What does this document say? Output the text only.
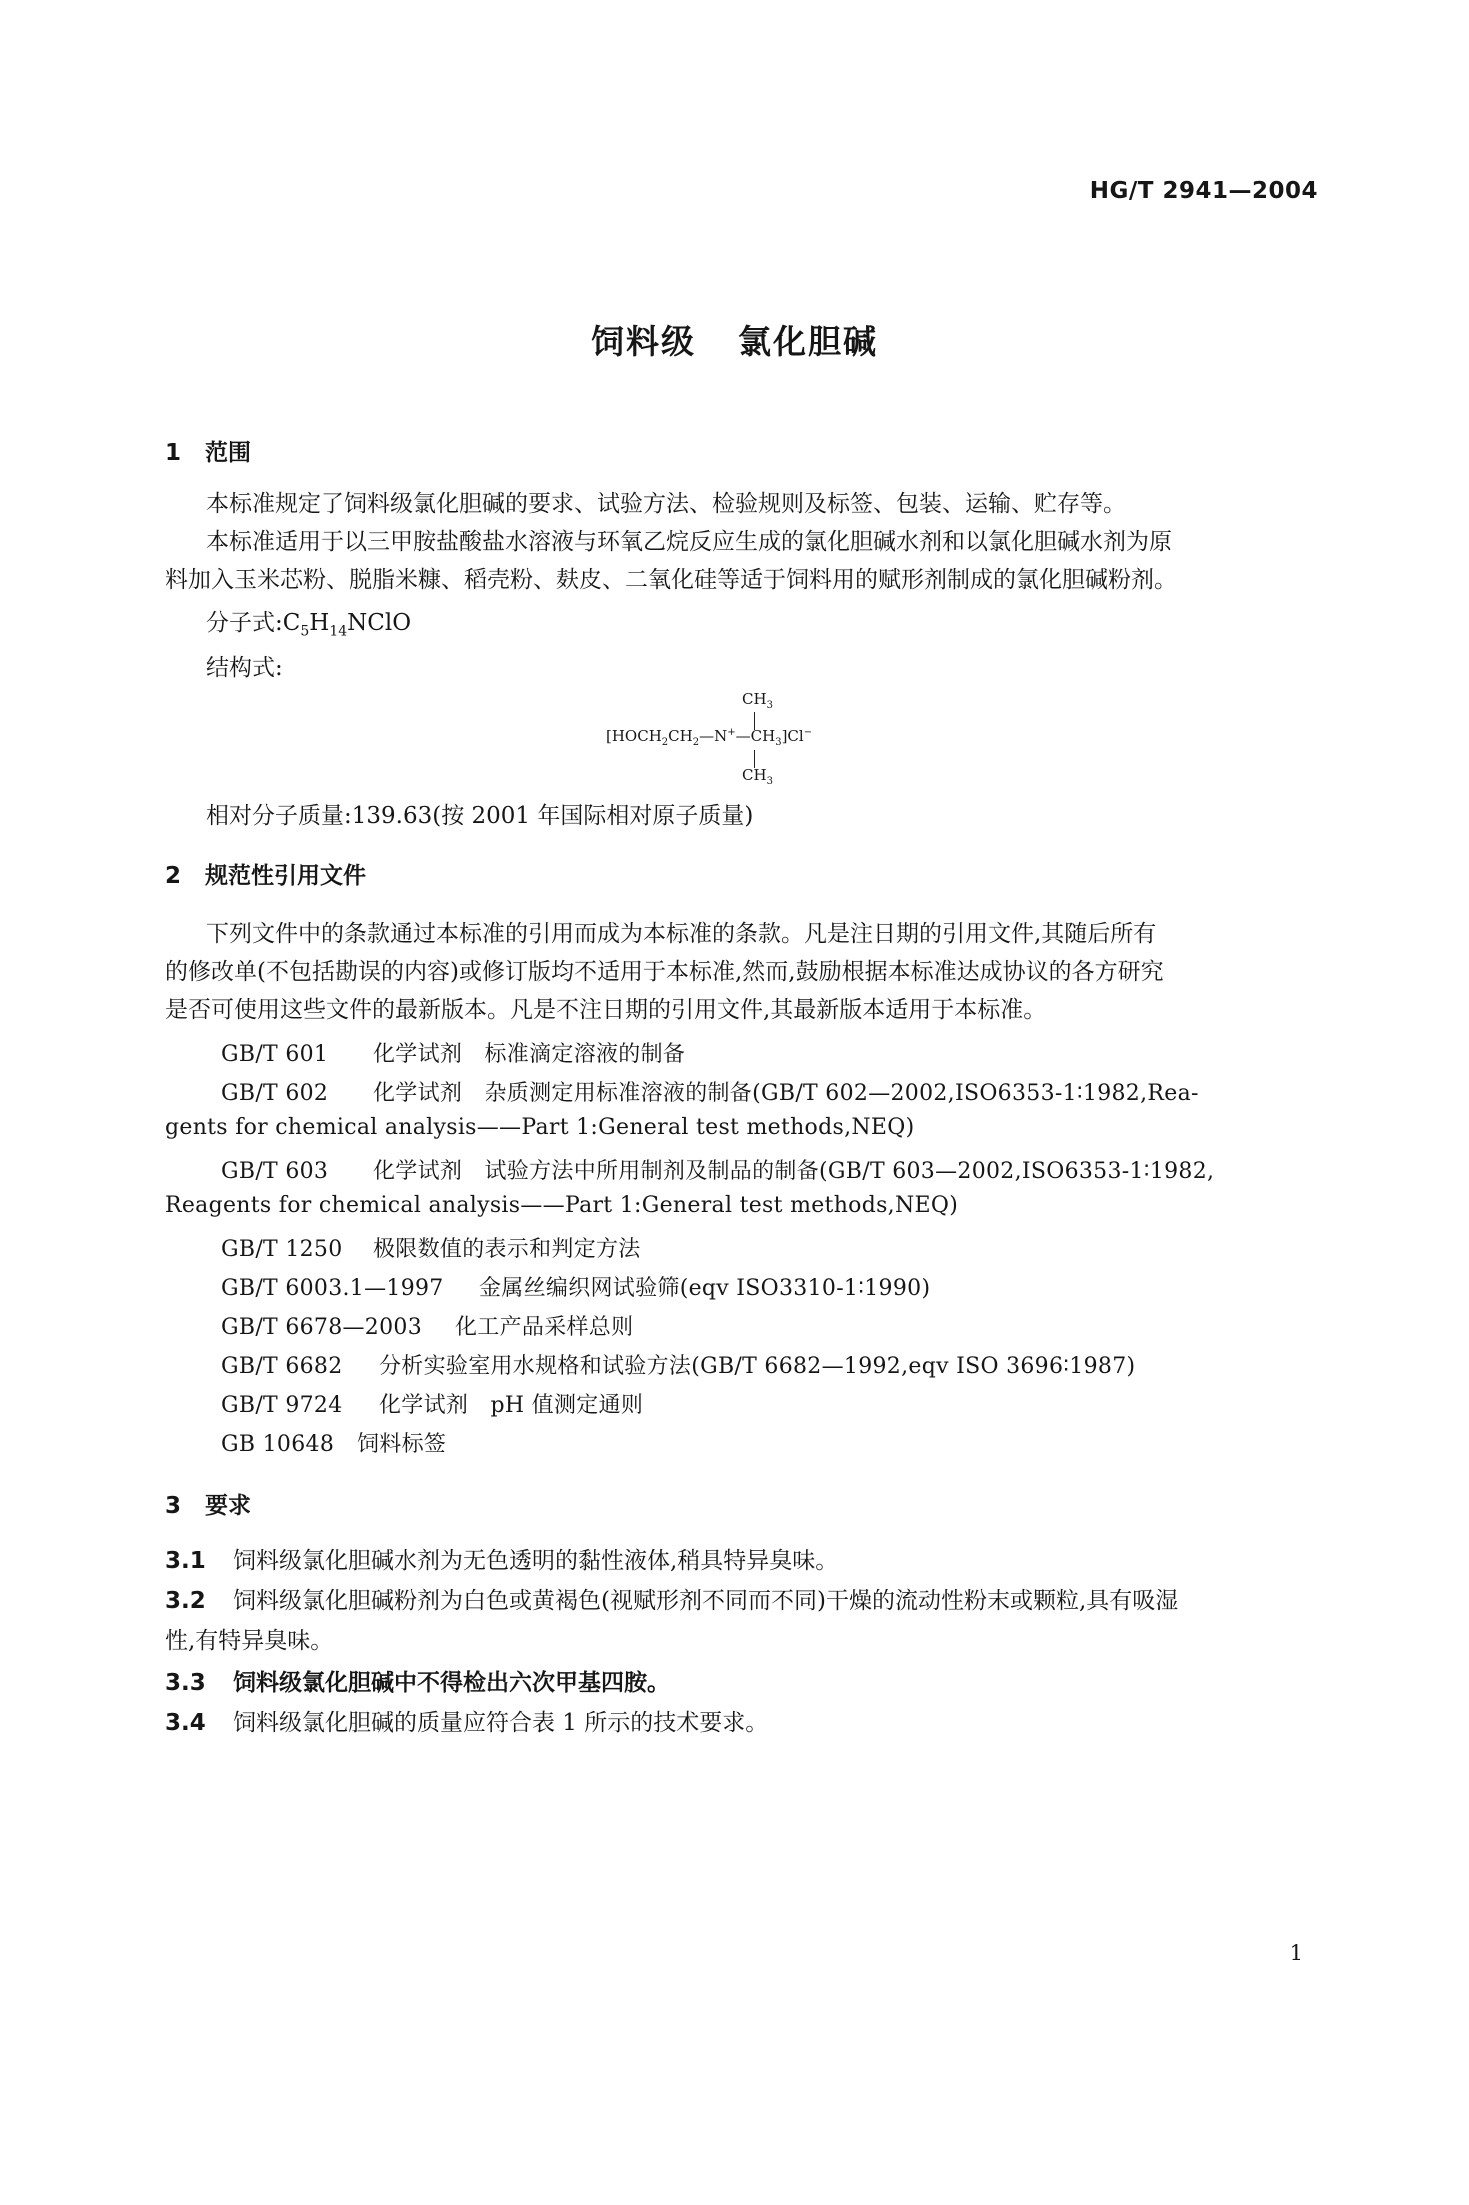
HG/T 2941—2004
饲料级 氯化胆碱
1 范围
本标准规定了饲料级氯化胆碱的要求、试验方法、检验规则及标签、包装、运输、贮存等。
本标准适用于以三甲胺盐酸盐水溶液与环氧乙烷反应生成的氯化胆碱水剂和以氯化胆碱水剂为原
料加入玉米芯粉、脱脂米糠、稻壳粉、麸皮、二氧化硅等适于饲料用的赋形剂制成的氯化胆碱粉剂。
分子式$:C_5H_{14}NClO$
结构式:
$CH_3$
$[HOCH_2CH_2—N^+—CH_3]Cl^-$
$CH_3$
相对分子质量:139.63(按 2001 年国际相对原子质量)
2 规范性引用文件
下列文件中的条款通过本标准的引用而成为本标准的条款。凡是注日期的引用文件,其随后所有
的修改单(不包括勘误的内容)或修订版均不适用于本标准,然而,鼓励根据本标准达成协议的各方研究
是否可使用这些文件的最新版本。凡是不注日期的引用文件,其最新版本适用于本标准。
GB/T 601 化学试剂　标准滴定溶液的制备
GB/T 602 化学试剂　杂质测定用标准溶液的制备(GB/T 602—2002,ISO6353-1∶1982,Rea-
gents for chemical analysis——Part 1:General test methods,NEQ)
GB/T 603 化学试剂　试验方法中所用制剂及制品的制备(GB/T 603—2002,ISO6353-1∶1982,
Reagents for chemical analysis——Part 1:General test methods,NEQ)
GB/T 1250 极限数值的表示和判定方法
GB/T 6003.1—1997 金属丝编织网试验筛(eqv ISO3310-1∶1990)
GB/T 6678—2003 化工产品采样总则
GB/T 6682 分析实验室用水规格和试验方法(GB/T 6682—1992,eqv ISO 3696∶1987)
GB/T 9724 化学试剂　pH 值测定通则
GB 10648 饲料标签
3 要求
3.1 饲料级氯化胆碱水剂为无色透明的黏性液体,稍具特异臭味。
3.2 饲料级氯化胆碱粉剂为白色或黄褐色(视赋形剂不同而不同)干燥的流动性粉末或颗粒,具有吸湿
性,有特异臭味。
3.3 饲料级氯化胆碱中不得检出六次甲基四胺。
3.4 饲料级氯化胆碱的质量应符合表 1 所示的技术要求。
1
